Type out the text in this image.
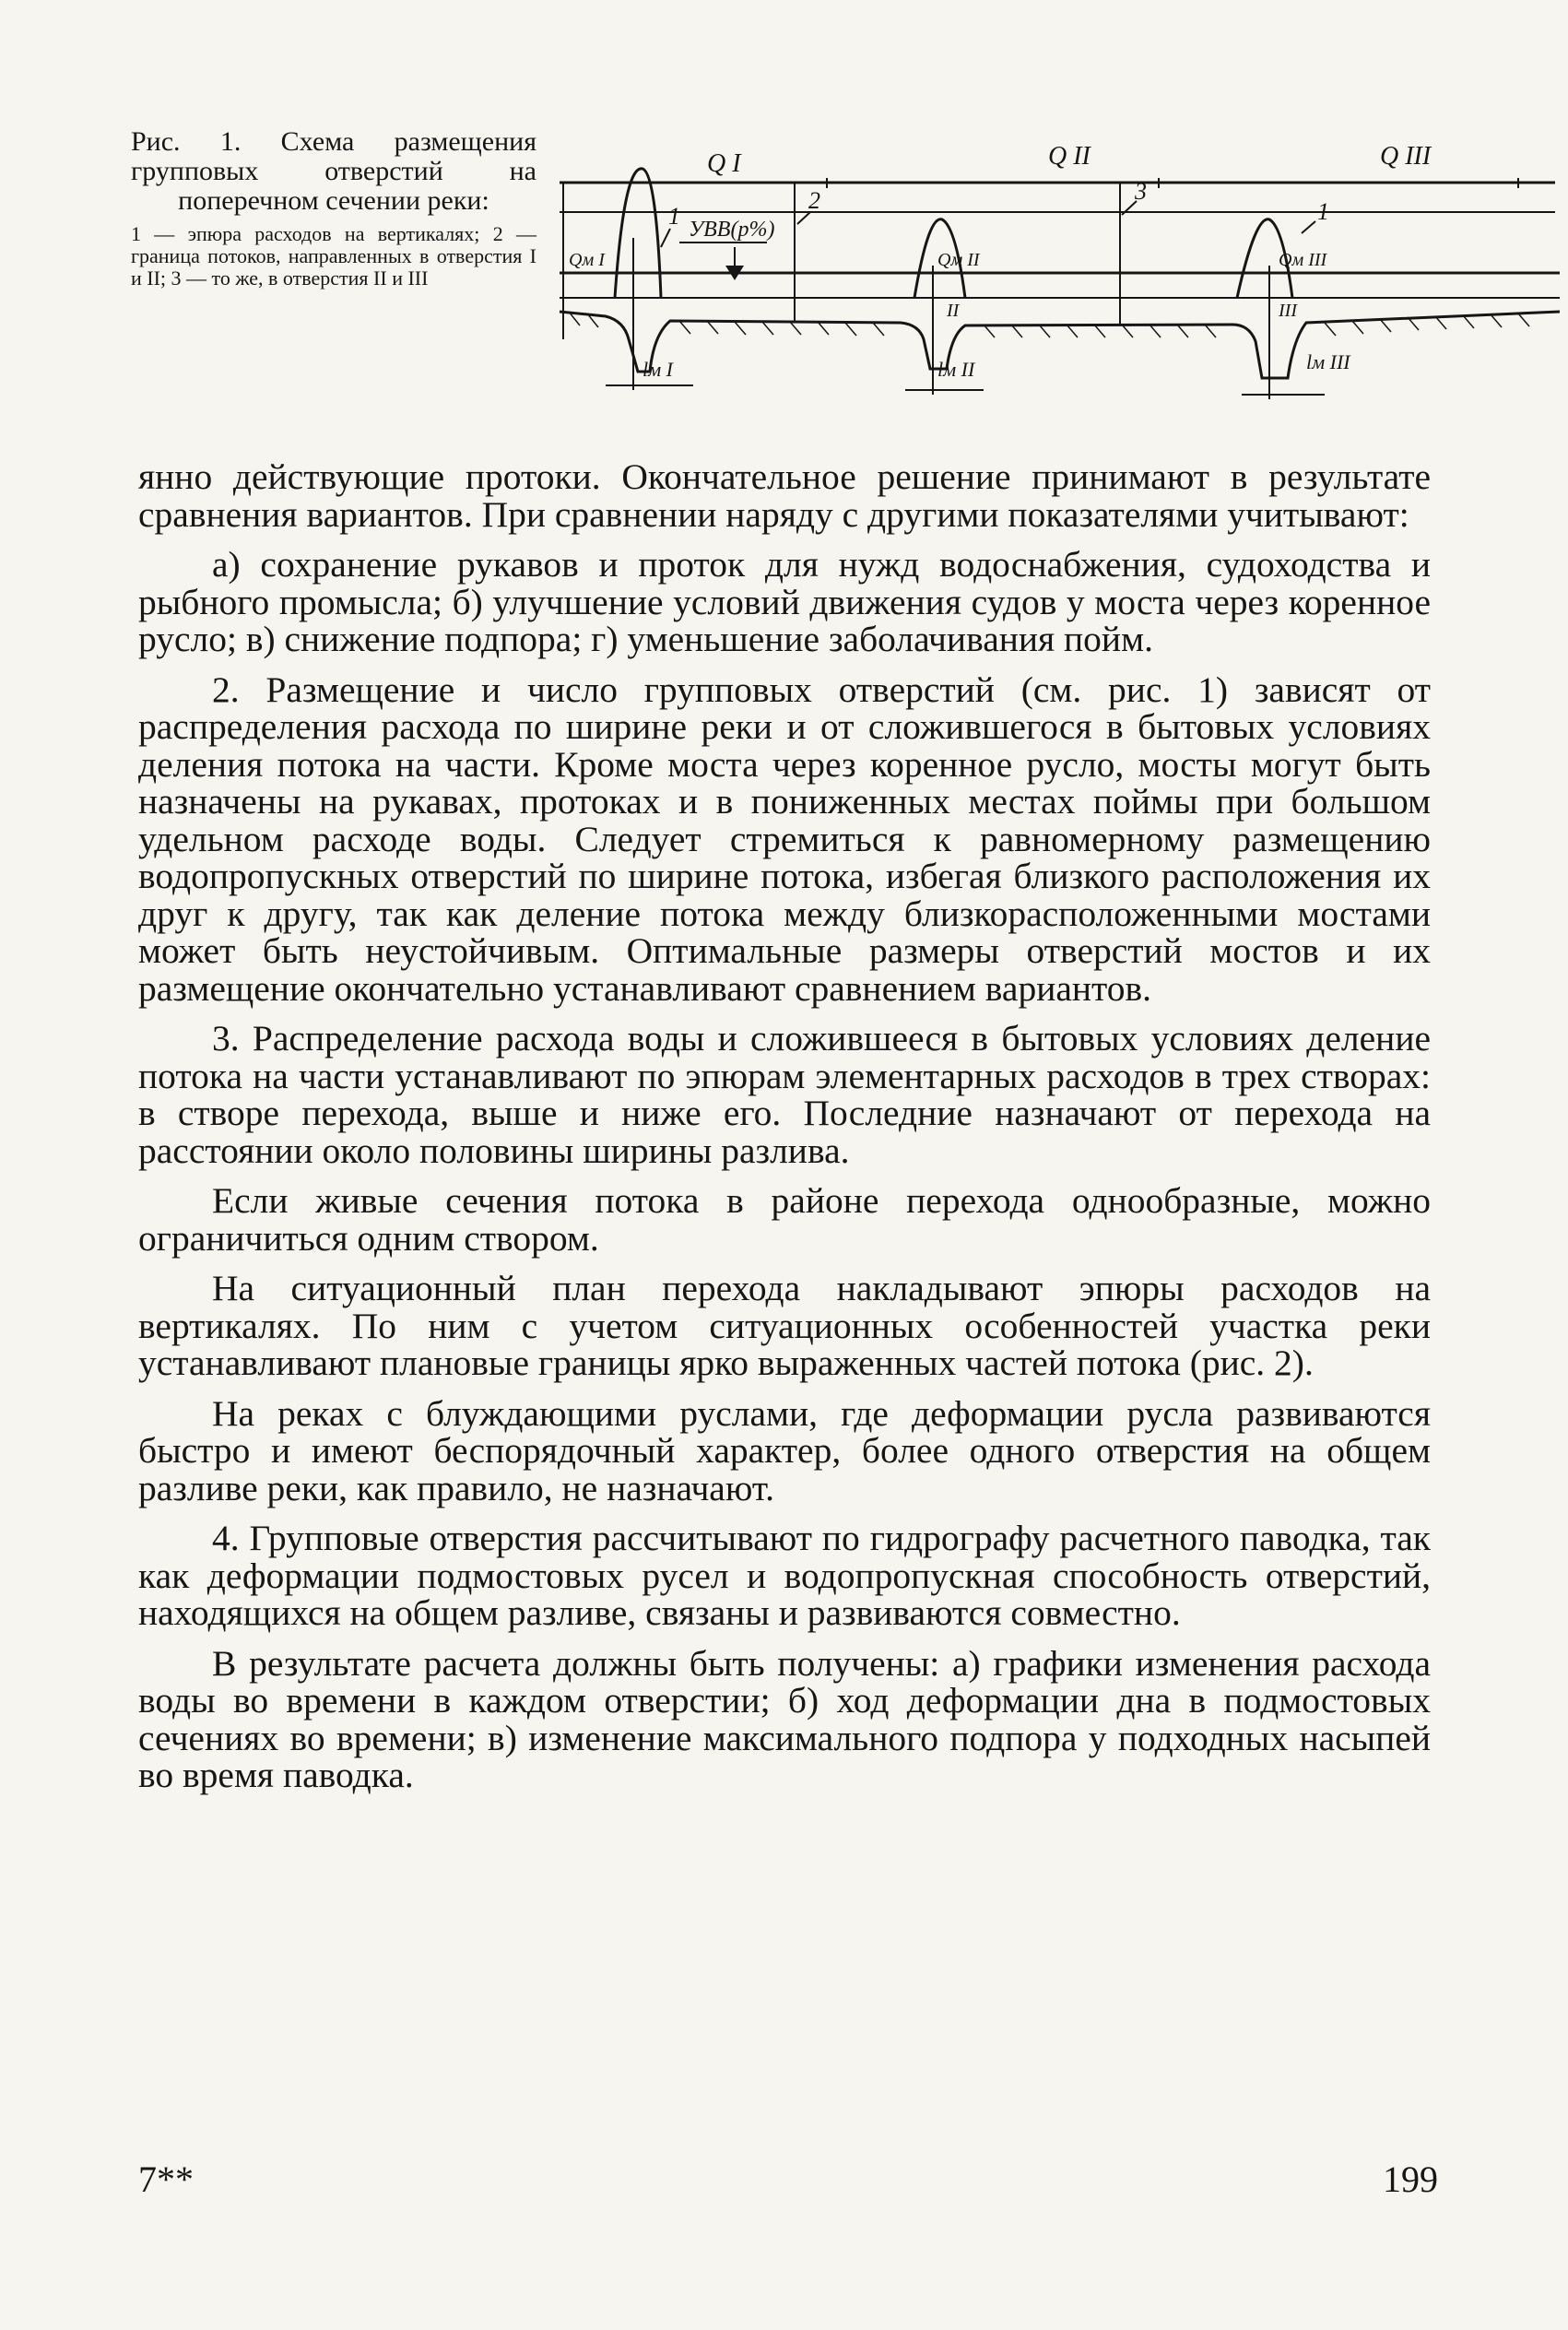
Рис. 1. Схема размещения групповых отверстий на поперечном сечении реки:

1 — эпюра расходов на вертикалях; 2 — граница потоков, направленных в отверстия I и II; 3 — то же, в отверстия II и III

Q I	Q II	Q III
УВВ(р%)
1
2	3
1
Qм I	Qм II	Qм III
II	III
lм I	lм II	lм III

янно действующие протоки. Окончательное решение принимают в результате сравнения вариантов. При сравнении наряду с другими показателями учитывают:

а) сохранение рукавов и проток для нужд водоснабжения, судоходства и рыбного промысла; б) улучшение условий движения судов у моста через коренное русло; в) снижение подпора; г) уменьшение заболачивания пойм.

2. Размещение и число групповых отверстий (см. рис. 1) зависят от распределения расхода по ширине реки и от сложившегося в бытовых условиях деления потока на части. Кроме моста через коренное русло, мосты могут быть назначены на рукавах, протоках и в пониженных местах поймы при большом удельном расходе воды. Следует стремиться к равномерному размещению водопропускных отверстий по ширине потока, избегая близкого расположения их друг к другу, так как деление потока между близкорасположенными мостами может быть неустойчивым. Оптимальные размеры отверстий мостов и их размещение окончательно устанавливают сравнением вариантов.

3. Распределение расхода воды и сложившееся в бытовых условиях деление потока на части устанавливают по эпюрам элементарных расходов в трех створах: в створе перехода, выше и ниже его. Последние назначают от перехода на расстоянии около половины ширины разлива.

Если живые сечения потока в районе перехода однообразные, можно ограничиться одним створом.

На ситуационный план перехода накладывают эпюры расходов на вертикалях. По ним с учетом ситуационных особенностей участка реки устанавливают плановые границы ярко выраженных частей потока (рис. 2).

На реках с блуждающими руслами, где деформации русла развиваются быстро и имеют беспорядочный характер, более одного отверстия на общем разливе реки, как правило, не назначают.

4. Групповые отверстия рассчитывают по гидрографу расчетного паводка, так как деформации подмостовых русел и водопропускная способность отверстий, находящихся на общем разливе, связаны и развиваются совместно.

В результате расчета должны быть получены: а) графики изменения расхода воды во времени в каждом отверстии; б) ход деформации дна в подмостовых сечениях во времени; в) изменение максимального подпора у подходных насыпей во время паводка.

7**	199
